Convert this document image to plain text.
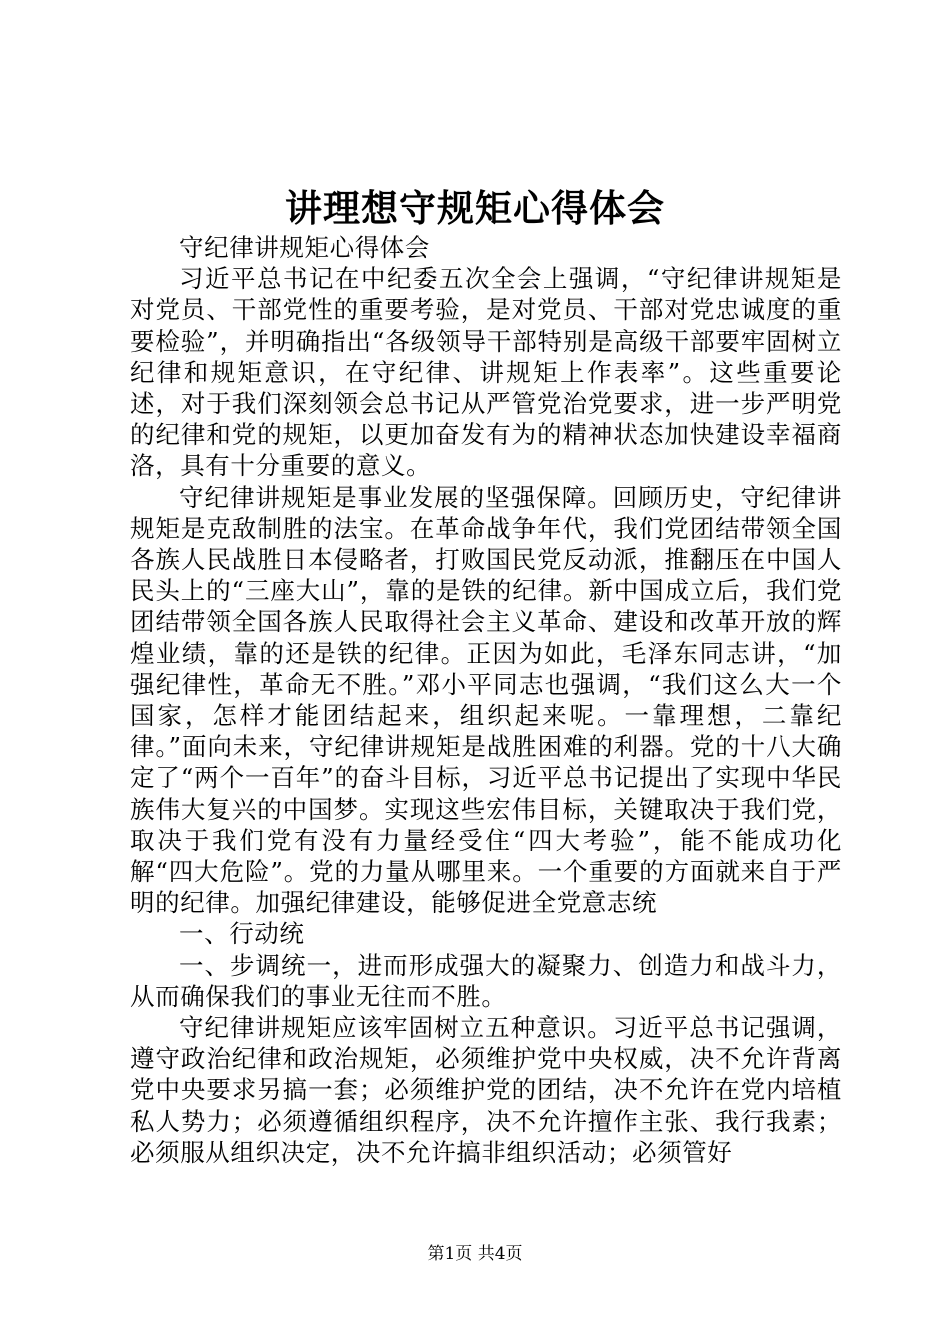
讲理想守规矩心得体会

守纪律讲规矩心得体会

习近平总书记在中纪委五次全会上强调，“守纪律讲规矩是对党员、干部党性的重要考验，是对党员、干部对党忠诚度的重要检验”，并明确指出“各级领导干部特别是高级干部要牢固树立纪律和规矩意识，在守纪律、讲规矩上作表率”。这些重要论述，对于我们深刻领会总书记从严管党治党要求，进一步严明党的纪律和党的规矩，以更加奋发有为的精神状态加快建设幸福商洛，具有十分重要的意义。

守纪律讲规矩是事业发展的坚强保障。回顾历史，守纪律讲规矩是克敌制胜的法宝。在革命战争年代，我们党团结带领全国各族人民战胜日本侵略者，打败国民党反动派，推翻压在中国人民头上的“三座大山”，靠的是铁的纪律。新中国成立后，我们党团结带领全国各族人民取得社会主义革命、建设和改革开放的辉煌业绩，靠的还是铁的纪律。正因为如此，毛泽东同志讲，“加强纪律性，革命无不胜。”邓小平同志也强调，“我们这么大一个国家，怎样才能团结起来，组织起来呢。一靠理想，二靠纪律。”面向未来，守纪律讲规矩是战胜困难的利器。党的十八大确定了“两个一百年”的奋斗目标，习近平总书记提出了实现中华民族伟大复兴的中国梦。实现这些宏伟目标，关键取决于我们党，取决于我们党有没有力量经受住“四大考验”，能不能成功化解“四大危险”。党的力量从哪里来。一个重要的方面就来自于严明的纪律。加强纪律建设，能够促进全党意志统

一、行动统

一、步调统一，进而形成强大的凝聚力、创造力和战斗力，从而确保我们的事业无往而不胜。

守纪律讲规矩应该牢固树立五种意识。习近平总书记强调，遵守政治纪律和政治规矩，必须维护党中央权威，决不允许背离党中央要求另搞一套；必须维护党的团结，决不允许在党内培植私人势力；必须遵循组织程序，决不允许擅作主张、我行我素；必须服从组织决定，决不允许搞非组织活动；必须管好

第1页 共4页
